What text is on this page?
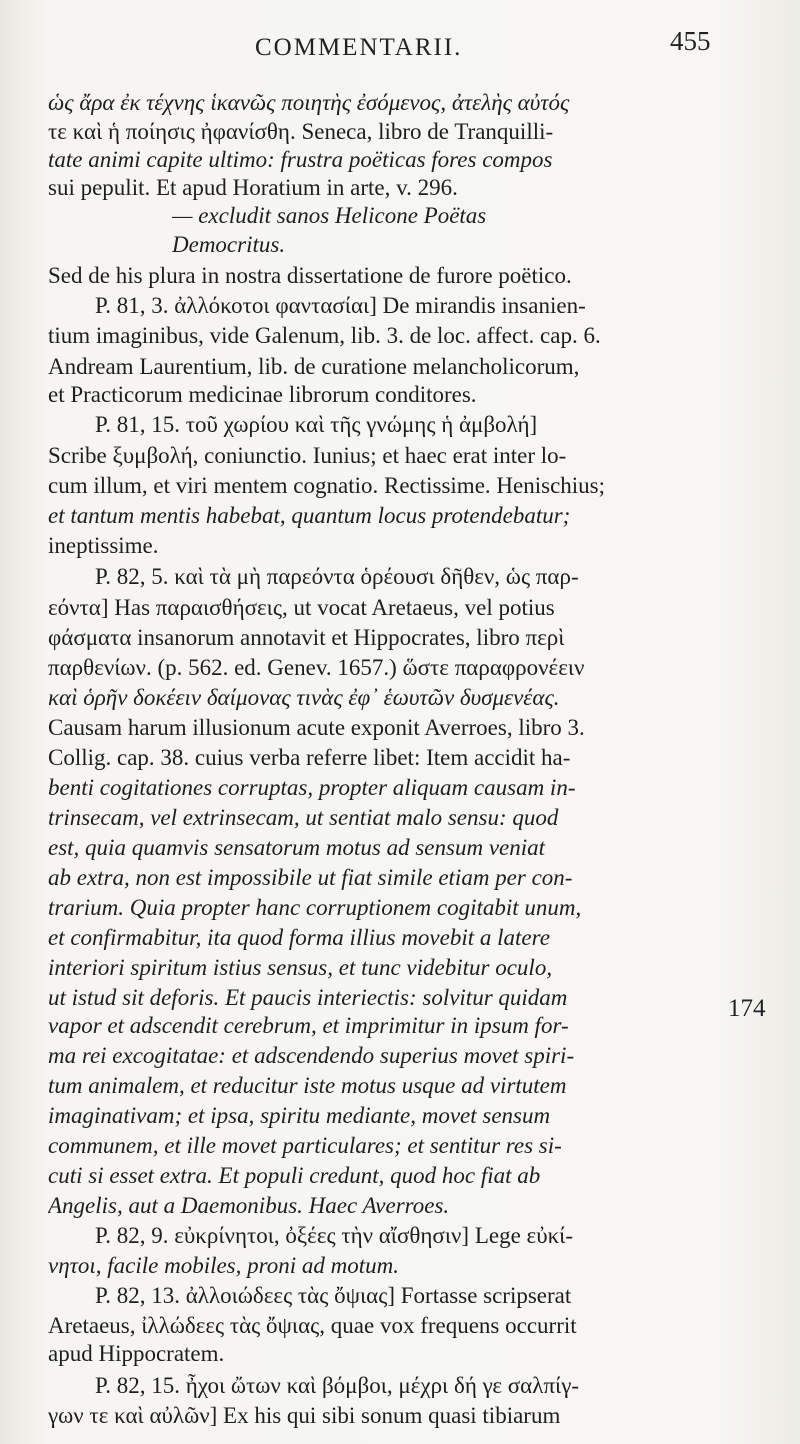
COMMENTARII.	455
174
ὡς ἄρα ἐκ τέχνης ἱκανῶς ποιητὴς ἐσόμενος, ἀτελὴς αὐτός
τε καὶ ἡ ποίησις ἠφανίσθη. Seneca, libro de Tranquilli-
tate animi capite ultimo: frustra poëticas fores compos
sui pepulit. Et apud Horatium in arte, v. 296.
— excludit sanos Helicone Poëtas
Democritus.
Sed de his plura in nostra dissertatione de furore poëtico.
P. 81, 3. ἀλλόκοτοι φαντασίαι] De mirandis insanien-
tium imaginibus, vide Galenum, lib. 3. de loc. affect. cap. 6.
Andream Laurentium, lib. de curatione melancholicorum,
et Practicorum medicinae librorum conditores.
P. 81, 15. τοῦ χωρίου καὶ τῆς γνώμης ἡ ἀμβολή]
Scribe ξυμβολή, coniunctio. Iunius; et haec erat inter lo-
cum illum, et viri mentem cognatio. Rectissime. Henischius;
et tantum mentis habebat, quantum locus protendebatur;
ineptissime.
P. 82, 5. καὶ τὰ μὴ παρεόντα ὁρέουσι δῆθεν, ὡς παρ-
εόντα] Has παραισθήσεις, ut vocat Aretaeus, vel potius
φάσματα insanorum annotavit et Hippocrates, libro περὶ
παρθενίων. (p. 562. ed. Genev. 1657.) ὥστε παραφρονέειν
καὶ ὁρῆν δοκέειν δαίμονας τινὰς ἐφ᾽ ἑωυτῶν δυσμενέας.
Causam harum illusionum acute exponit Averroes, libro 3.
Collig. cap. 38. cuius verba referre libet: Item accidit ha-
benti cogitationes corruptas, propter aliquam causam in-
trinsecam, vel extrinsecam, ut sentiat malo sensu: quod
est, quia quamvis sensatorum motus ad sensum veniat
ab extra, non est impossibile ut fiat simile etiam per con-
trarium. Quia propter hanc corruptionem cogitabit unum,
et confirmabitur, ita quod forma illius movebit a latere
interiori spiritum istius sensus, et tunc videbitur oculo,
ut istud sit deforis. Et paucis interiectis: solvitur quidam
vapor et adscendit cerebrum, et imprimitur in ipsum for-
ma rei excogitatae: et adscendendo superius movet spiri-
tum animalem, et reducitur iste motus usque ad virtutem
imaginativam; et ipsa, spiritu mediante, movet sensum
communem, et ille movet particulares; et sentitur res si-
cuti si esset extra. Et populi credunt, quod hoc fiat ab
Angelis, aut a Daemonibus. Haec Averroes.
P. 82, 9. εὐκρίνητοι, ὀξέες τὴν αἴσθησιν] Lege εὐκί-
νητοι, facile mobiles, proni ad motum.
P. 82, 13. ἀλλοιώδεες τὰς ὄψιας] Fortasse scripserat
Aretaeus, ἰλλώδεες τὰς ὄψιας, quae vox frequens occurrit
apud Hippocratem.
P. 82, 15. ἦχοι ὤτων καὶ βόμβοι, μέχρι δή γε σαλπίγ-
γων τε καὶ αὐλῶν] Ex his qui sibi sonum quasi tibiarum
